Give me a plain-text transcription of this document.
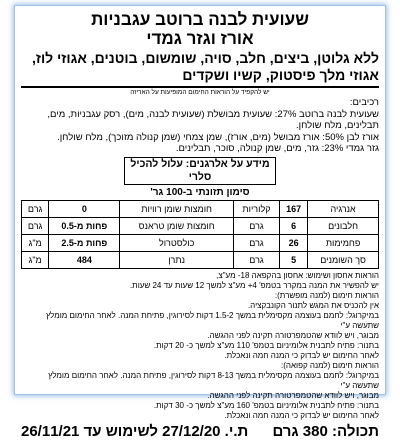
שעועית לבנה ברוטב עגבניות
אורז וגזר גמדי
ללא גלוטן, ביצים, חלב, סויה, שומשום, בוטנים, אגוזי לוז, אגוזי מלך פיסטוק, קשיו ושקדים
יש להקפיד על הוראות החימום המופיעות על האריזה
רכיבים:
שעועית לבנה ברוטב 27%: שעועית מבושלת (שעועית לבנה, מים), רסק עגבניות, מים,
תבלינים, מלח שולחן.
אורז לבן 50%: אורז מבושל (מים, אורז), שמן צמחי (שמן קנולה מזוכך), מלח שולחן.
גזר גמדי 23%: גזר, מים, שמן קנולה, סוכר, תבלינים.
מידע על אלרגנים: עלול להכיל סלרי
סימון תזונתי ב-100 גר'
אנרגיה	167	קלוריות	חומצות שומן רוויות	0	גרם
חלבונים	6	גרם	חומצות שומן טראנס	פחות מ-0.5	גרם
פחמימות	26	גרם	כולסטרול	פחות מ-2.5	מ"ג
סך השומנים	5	גרם	נתרן	484	מ"ג
הוראות אחסון ושימוש: אחסון בהקפאה 18- מע"צ,
יש להפשיר את המנה במקרר בטמפ' 4+ מע"צ למשך 12 שעות עד 24 שעות.
הוראות חימום (למנה מופשרת):
אין להכניס את המגש לתנור הקונבקציה.
במיקרוגל: לחמם בעוצמה מקסימלית במשך 1.5-2 דקות לסירוגין, פתיחת המנה. לאחר החימום מומלץ שתעשה ע"י
מבוגר, ויש לוודא שהטמפרטורה תקינה לפני ההגשה.
בתנור: פתיח לתבנית אלומיניום בטמפ' 110 מע"צ למשך כ- 20 דקות.
לאחר החימום יש לבדוק כי המנה חמה ונאכלת.
הוראות חימום (למנה קפואה):
במיקרוגל: לחמם בעוצמה מקסימלית במשך 8-13 דקות לסירוגין, פתיחת המנה. לאחר החימום מומלץ שתעשה ע"י
מבוגר, ויש לוודא שהטמפרטורה תקינה לפני ההגשה.
בתנור: פתיח לתבנית אלומיניום בטמפ' 160 מע"צ למשך כ- 30 דקות.
לאחר החימום יש לבדוק כי המנה חמה ונאכלת.
תכולה: 380 גרם
ת.י. 27/12/20 לשימוש עד 26/11/21
